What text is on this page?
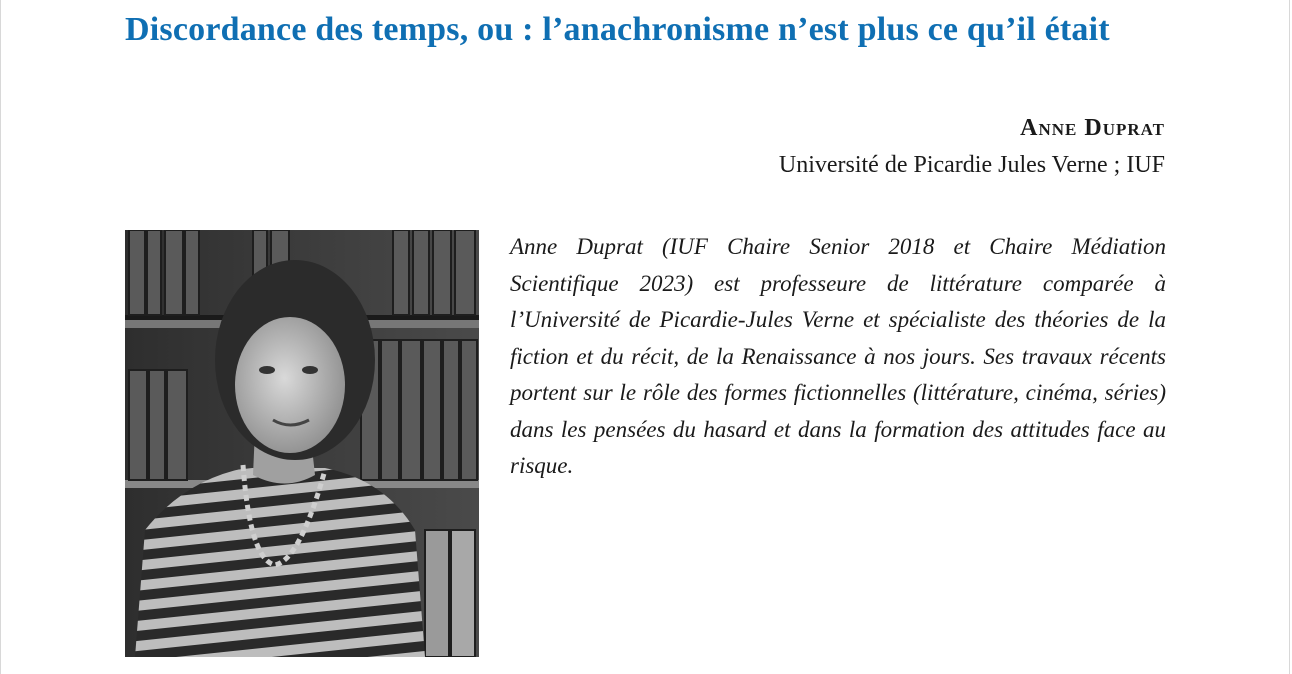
Discordance des temps, ou : l’anachronisme n’est plus ce qu’il était
Anne Duprat
Université de Picardie Jules Verne ; IUF

Anne Duprat (IUF Chaire Senior 2018 et Chaire Médiation Scientifique 2023) est professeure de littérature comparée à l’Université de Picardie-Jules Verne et spécialiste des théories de la fiction et du récit, de la Renaissance à nos jours. Ses travaux récents portent sur le rôle des formes fictionnelles (littérature, cinéma, séries) dans les pensées du hasard et dans la formation des attitudes face au risque.
